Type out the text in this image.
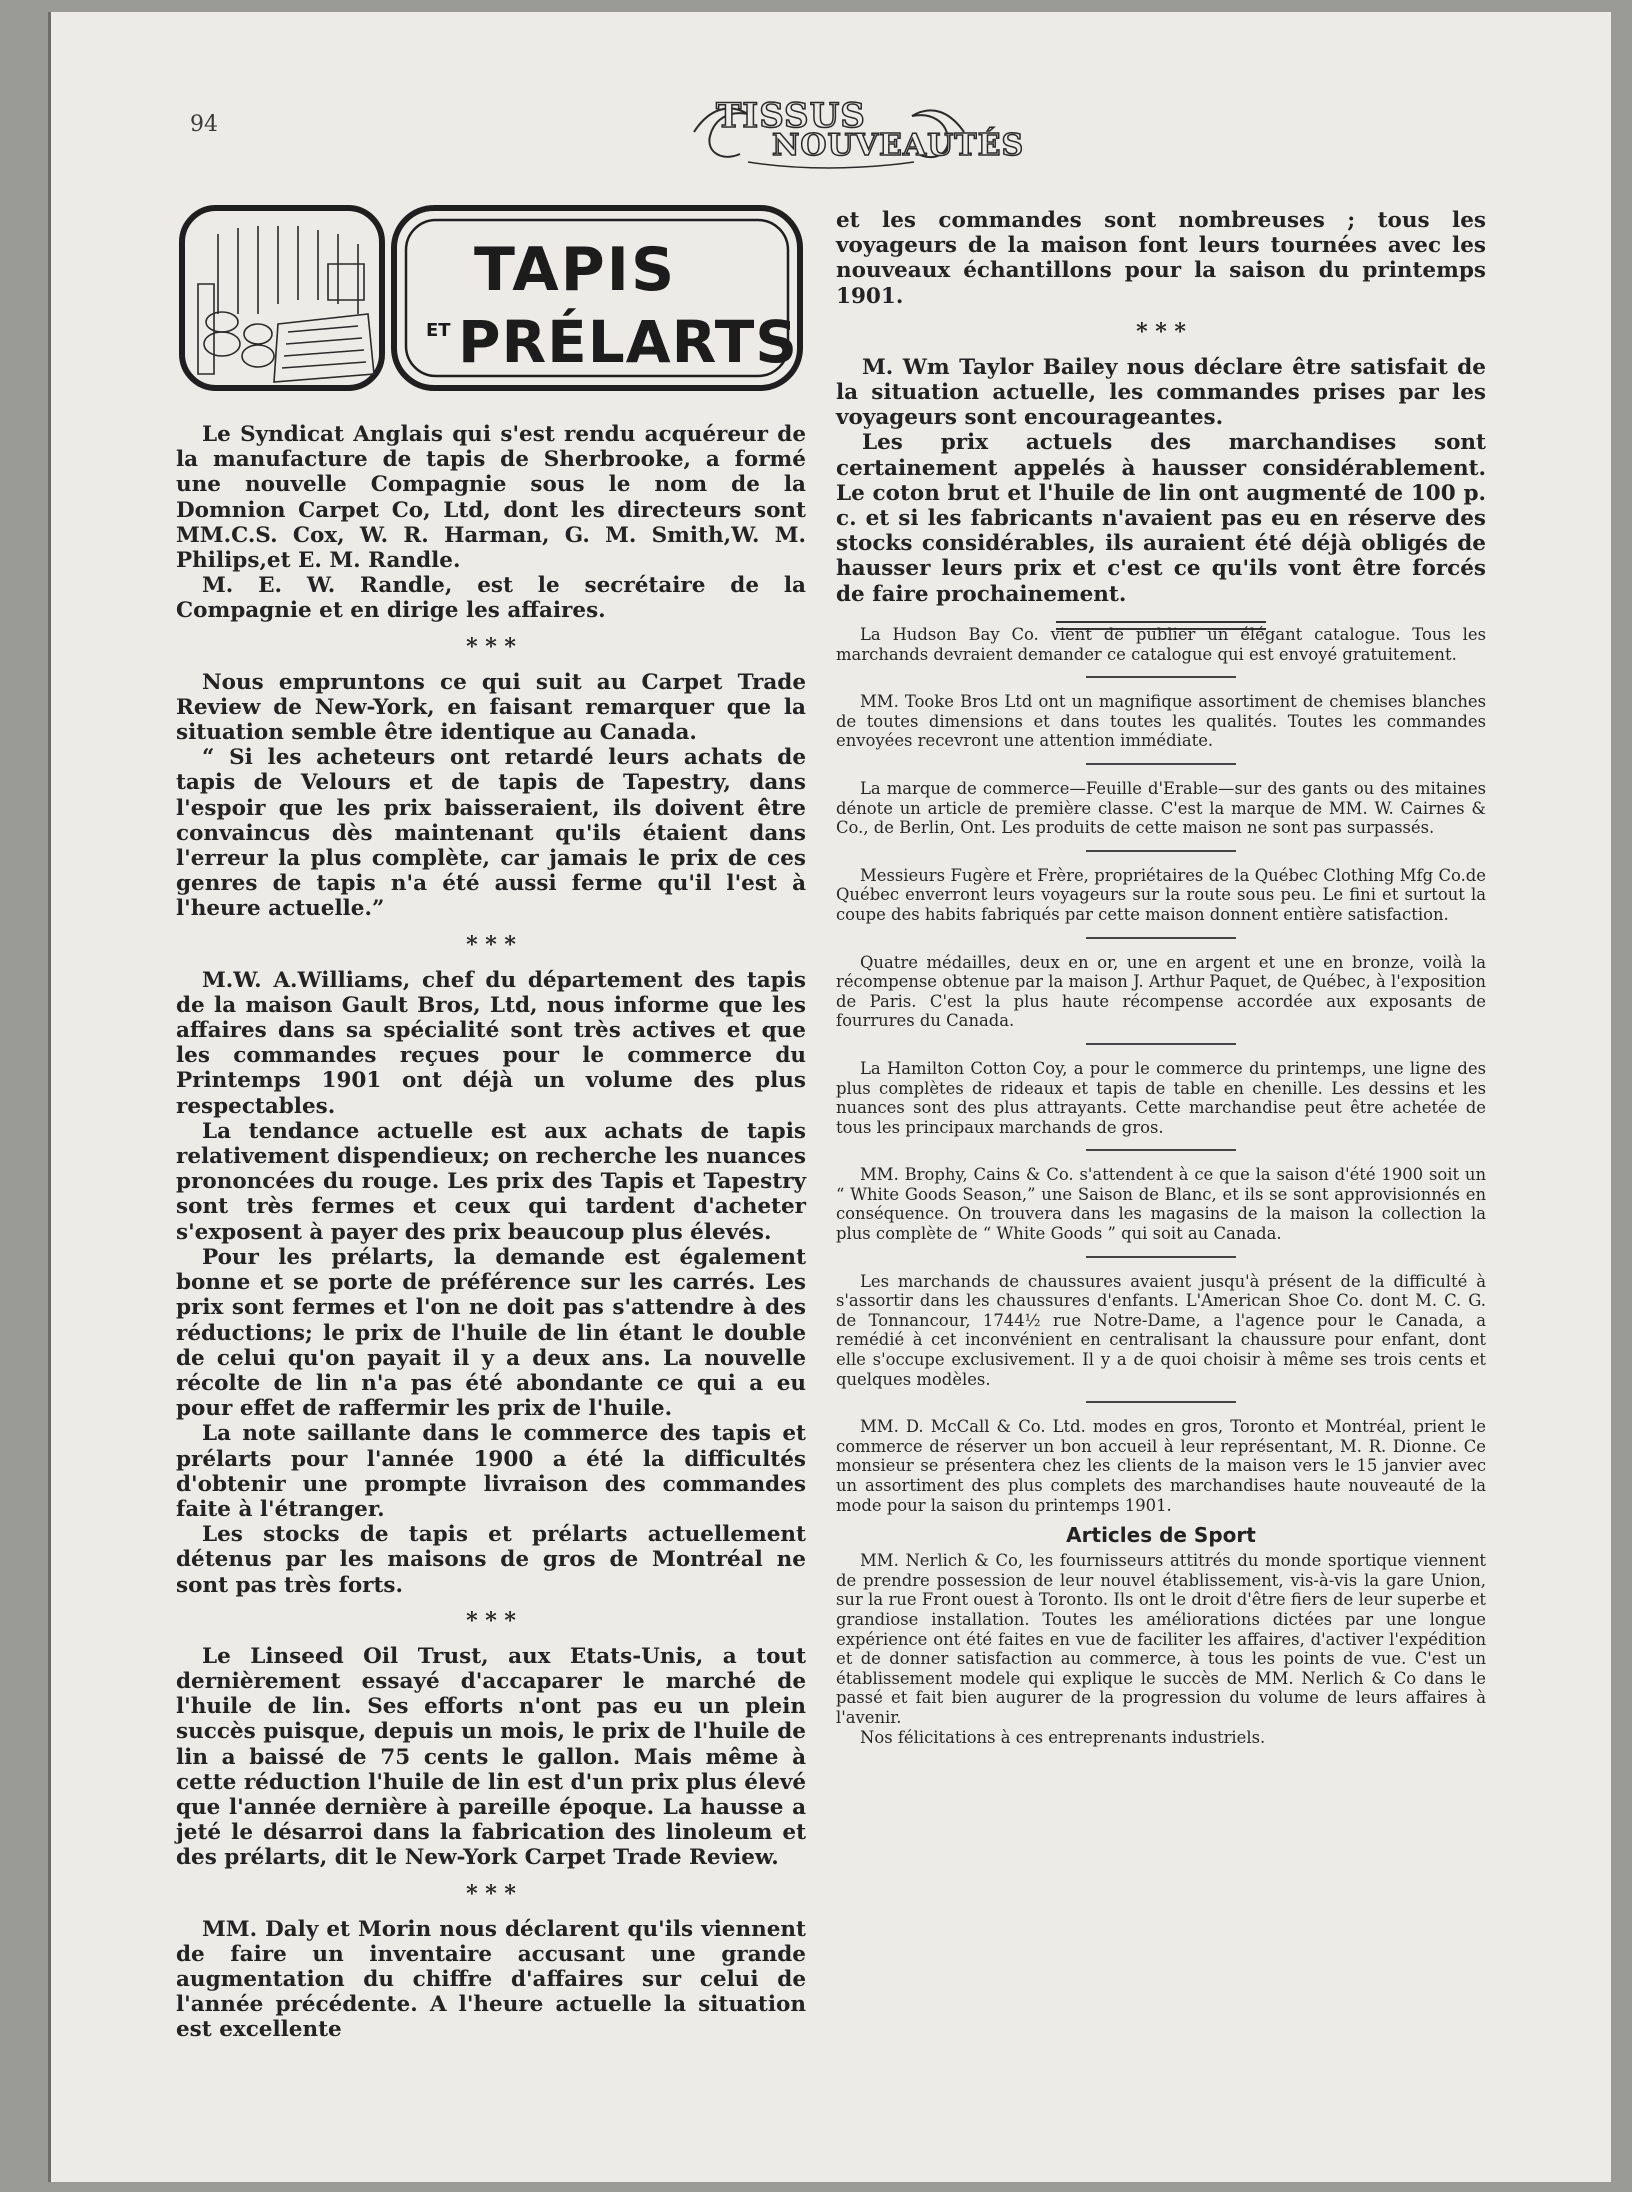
94	TISSUS
NOUVEAUTÉS
TAPIS
ET PRÉLARTS

Le Syndicat Anglais qui s'est rendu acquéreur de la manufacture de tapis de Sherbrooke, a formé une nouvelle Compagnie sous le nom de la Domnion Carpet Co, Ltd, dont les directeurs sont MM.C.S. Cox, W. R. Harman, G. M. Smith,W. M. Philips,et E. M. Randle.

M. E. W. Randle, est le secrétaire de la Compagnie et en dirige les affaires.

* * *

Nous empruntons ce qui suit au Carpet Trade Review de New-York, en faisant remarquer que la situation semble être identique au Canada.

“ Si les acheteurs ont retardé leurs achats de tapis de Velours et de tapis de Tapestry, dans l'espoir que les prix baisseraient, ils doivent être convaincus dès maintenant qu'ils étaient dans l'erreur la plus complète, car jamais le prix de ces genres de tapis n'a été aussi ferme qu'il l'est à l'heure actuelle.”

* * *

M.W. A.Williams, chef du département des tapis de la maison Gault Bros, Ltd, nous informe que les affaires dans sa spécialité sont très actives et que les commandes reçues pour le commerce du Printemps 1901 ont déjà un volume des plus respectables.

La tendance actuelle est aux achats de tapis relativement dispendieux; on recherche les nuances prononcées du rouge. Les prix des Tapis et Tapestry sont très fermes et ceux qui tardent d'acheter s'exposent à payer des prix beaucoup plus élevés.

Pour les prélarts, la demande est également bonne et se porte de préférence sur les carrés. Les prix sont fermes et l'on ne doit pas s'attendre à des réductions; le prix de l'huile de lin étant le double de celui qu'on payait il y a deux ans. La nouvelle récolte de lin n'a pas été abondante ce qui a eu pour effet de raffermir les prix de l'huile.

La note saillante dans le commerce des tapis et prélarts pour l'année 1900 a été la difficultés d'obtenir une prompte livraison des commandes faite à l'étranger.

Les stocks de tapis et prélarts actuellement détenus par les maisons de gros de Montréal ne sont pas très forts.

* * *

Le Linseed Oil Trust, aux Etats-Unis, a tout dernièrement essayé d'accaparer le marché de l'huile de lin. Ses efforts n'ont pas eu un plein succès puisque, depuis un mois, le prix de l'huile de lin a baissé de 75 cents le gallon. Mais même à cette réduction l'huile de lin est d'un prix plus élevé que l'année dernière à pareille époque. La hausse a jeté le désarroi dans la fabrication des linoleum et des prélarts, dit le New-York Carpet Trade Review.

* * *

MM. Daly et Morin nous déclarent qu'ils viennent de faire un inventaire accusant une grande augmentation du chiffre d'affaires sur celui de l'année précédente. A l'heure actuelle la situation est excellente

et les commandes sont nombreuses ; tous les voyageurs de la maison font leurs tournées avec les nouveaux échantillons pour la saison du printemps 1901.

* * *

M. Wm Taylor Bailey nous déclare être satisfait de la situation actuelle, les commandes prises par les voyageurs sont encourageantes.

Les prix actuels des marchandises sont certainement appelés à hausser considérablement. Le coton brut et l'huile de lin ont augmenté de 100 p. c. et si les fabricants n'avaient pas eu en réserve des stocks considérables, ils auraient été déjà obligés de hausser leurs prix et c'est ce qu'ils vont être forcés de faire prochainement.

La Hudson Bay Co. vient de publier un élégant catalogue. Tous les marchands devraient demander ce catalogue qui est envoyé gratuitement.

MM. Tooke Bros Ltd ont un magnifique assortiment de chemises blanches de toutes dimensions et dans toutes les qualités. Toutes les commandes envoyées recevront une attention immédiate.

La marque de commerce—Feuille d'Erable—sur des gants ou des mitaines dénote un article de première classe. C'est la marque de MM. W. Cairnes & Co., de Berlin, Ont. Les produits de cette maison ne sont pas surpassés.

Messieurs Fugère et Frère, propriétaires de la Québec Clothing Mfg Co.de Québec enverront leurs voyageurs sur la route sous peu. Le fini et surtout la coupe des habits fabriqués par cette maison donnent entière satisfaction.

Quatre médailles, deux en or, une en argent et une en bronze, voilà la récompense obtenue par la maison J. Arthur Paquet, de Québec, à l'exposition de Paris. C'est la plus haute récompense accordée aux exposants de fourrures du Canada.

La Hamilton Cotton Coy, a pour le commerce du printemps, une ligne des plus complètes de rideaux et tapis de table en chenille. Les dessins et les nuances sont des plus attrayants. Cette marchandise peut être achetée de tous les principaux marchands de gros.

MM. Brophy, Cains & Co. s'attendent à ce que la saison d'été 1900 soit un “ White Goods Season,” une Saison de Blanc, et ils se sont approvisionnés en conséquence. On trouvera dans les magasins de la maison la collection la plus complète de “ White Goods ” qui soit au Canada.

Les marchands de chaussures avaient jusqu'à présent de la difficulté à s'assortir dans les chaussures d'enfants. L'American Shoe Co. dont M. C. G. de Tonnancour, 1744½ rue Notre-Dame, a l'agence pour le Canada, a remédié à cet inconvénient en centralisant la chaussure pour enfant, dont elle s'occupe exclusivement. Il y a de quoi choisir à même ses trois cents et quelques modèles.

MM. D. McCall & Co. Ltd. modes en gros, Toronto et Montréal, prient le commerce de réserver un bon accueil à leur représentant, M. R. Dionne. Ce monsieur se présentera chez les clients de la maison vers le 15 janvier avec un assortiment des plus complets des marchandises haute nouveauté de la mode pour la saison du printemps 1901.

Articles de Sport

MM. Nerlich & Co, les fournisseurs attitrés du monde sportique viennent de prendre possession de leur nouvel établissement, vis-à-vis la gare Union, sur la rue Front ouest à Toronto. Ils ont le droit d'être fiers de leur superbe et grandiose installation. Toutes les améliorations dictées par une longue expérience ont été faites en vue de faciliter les affaires, d'activer l'expédition et de donner satisfaction au commerce, à tous les points de vue. C'est un établissement modele qui explique le succès de MM. Nerlich & Co dans le passé et fait bien augurer de la progression du volume de leurs affaires à l'avenir.

Nos félicitations à ces entreprenants industriels.
